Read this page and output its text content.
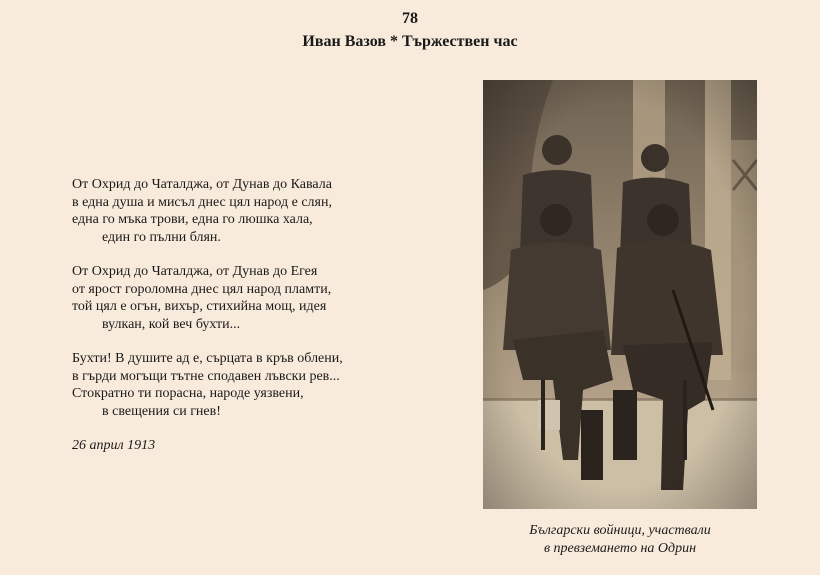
78
Иван Вазов * Тържествен час
От Охрид до Чаталджа, от Дунав до Кавала
в една душа и мисъл днес цял народ е слян,
една го мъка трови, една го люшка хала,
един го пълни блян.
От Охрид до Чаталджа, от Дунав до Егея
от ярост горолoмна днес цял народ пламти,
той цял е огън, вихър, стихийна мощ, идея
вулкан, кой веч бухти...
Бухти! В душите ад е, сърцата в кръв облени,
в гърди могъщи тътне сподавен лъвски рев...
Стократно ти порасна, народе уязвени,
в свещения си гнев!
26 април 1913
Български войници, участвали
в превземането на Одрин
